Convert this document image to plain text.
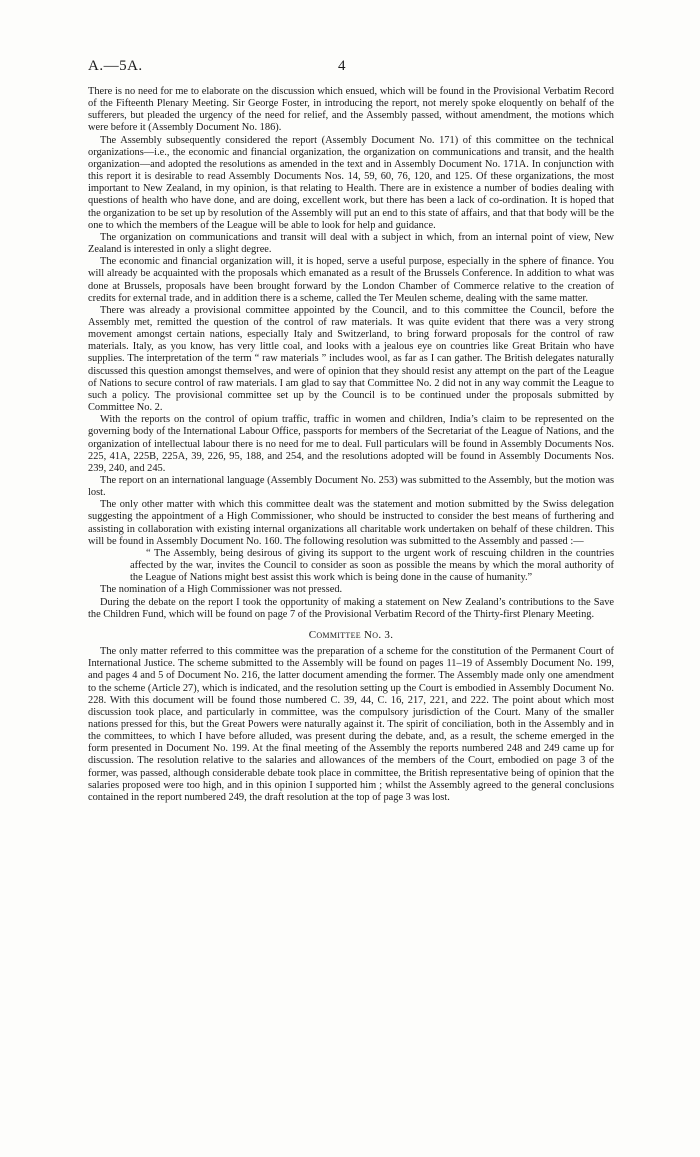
A.—5A.	4

There is no need for me to elaborate on the discussion which ensued, which will be found in the Provisional Verbatim Record of the Fifteenth Plenary Meeting. Sir George Foster, in introducing the report, not merely spoke eloquently on behalf of the sufferers, but pleaded the urgency of the need for relief, and the Assembly passed, without amendment, the motions which were before it (Assembly Document No. 186).

The Assembly subsequently considered the report (Assembly Document No. 171) of this committee on the technical organizations—i.e., the economic and financial organization, the organization on communications and transit, and the health organization—and adopted the resolutions as amended in the text and in Assembly Document No. 171A. In conjunction with this report it is desirable to read Assembly Documents Nos. 14, 59, 60, 76, 120, and 125. Of these organizations, the most important to New Zealand, in my opinion, is that relating to Health. There are in existence a number of bodies dealing with questions of health who have done, and are doing, excellent work, but there has been a lack of co-ordination. It is hoped that the organization to be set up by resolution of the Assembly will put an end to this state of affairs, and that that body will be the one to which the members of the League will be able to look for help and guidance.

The organization on communications and transit will deal with a subject in which, from an internal point of view, New Zealand is interested in only a slight degree.

The economic and financial organization will, it is hoped, serve a useful purpose, especially in the sphere of finance. You will already be acquainted with the proposals which emanated as a result of the Brussels Conference. In addition to what was done at Brussels, proposals have been brought forward by the London Chamber of Commerce relative to the creation of credits for external trade, and in addition there is a scheme, called the Ter Meulen scheme, dealing with the same matter.

There was already a provisional committee appointed by the Council, and to this committee the Council, before the Assembly met, remitted the question of the control of raw materials. It was quite evident that there was a very strong movement amongst certain nations, especially Italy and Switzerland, to bring forward proposals for the control of raw materials. Italy, as you know, has very little coal, and looks with a jealous eye on countries like Great Britain who have supplies. The interpretation of the term “ raw materials ” includes wool, as far as I can gather. The British delegates naturally discussed this question amongst themselves, and were of opinion that they should resist any attempt on the part of the League of Nations to secure control of raw materials. I am glad to say that Committee No. 2 did not in any way commit the League to such a policy. The provisional committee set up by the Council is to be continued under the proposals submitted by Committee No. 2.

With the reports on the control of opium traffic, traffic in women and children, India’s claim to be represented on the governing body of the International Labour Office, passports for members of the Secretariat of the League of Nations, and the organization of intellectual labour there is no need for me to deal. Full particulars will be found in Assembly Documents Nos. 225, 41A, 225B, 225A, 39, 226, 95, 188, and 254, and the resolutions adopted will be found in Assembly Documents Nos. 239, 240, and 245.

The report on an international language (Assembly Document No. 253) was submitted to the Assembly, but the motion was lost.

The only other matter with which this committee dealt was the statement and motion submitted by the Swiss delegation suggesting the appointment of a High Commissioner, who should be instructed to consider the best means of furthering and assisting in collaboration with existing internal organizations all charitable work undertaken on behalf of these children. This will be found in Assembly Document No. 160. The following resolution was submitted to the Assembly and passed :—

“ The Assembly, being desirous of giving its support to the urgent work of rescuing children in the countries affected by the war, invites the Council to consider as soon as possible the means by which the moral authority of the League of Nations might best assist this work which is being done in the cause of humanity.”

The nomination of a High Commissioner was not pressed.

During the debate on the report I took the opportunity of making a statement on New Zealand’s contributions to the Save the Children Fund, which will be found on page 7 of the Provisional Verbatim Record of the Thirty-first Plenary Meeting.

Committee No. 3.

The only matter referred to this committee was the preparation of a scheme for the constitution of the Permanent Court of International Justice. The scheme submitted to the Assembly will be found on pages 11–19 of Assembly Document No. 199, and pages 4 and 5 of Document No. 216, the latter document amending the former. The Assembly made only one amendment to the scheme (Article 27), which is indicated, and the resolution setting up the Court is embodied in Assembly Document No. 228. With this document will be found those numbered C. 39, 44, C. 16, 217, 221, and 222. The point about which most discussion took place, and particularly in committee, was the compulsory jurisdiction of the Court. Many of the smaller nations pressed for this, but the Great Powers were naturally against it. The spirit of conciliation, both in the Assembly and in the committees, to which I have before alluded, was present during the debate, and, as a result, the scheme emerged in the form presented in Document No. 199. At the final meeting of the Assembly the reports numbered 248 and 249 came up for discussion. The resolution relative to the salaries and allowances of the members of the Court, embodied on page 3 of the former, was passed, although considerable debate took place in committee, the British representative being of opinion that the salaries proposed were too high, and in this opinion I supported him ; whilst the Assembly agreed to the general conclusions contained in the report numbered 249, the draft resolution at the top of page 3 was lost.
